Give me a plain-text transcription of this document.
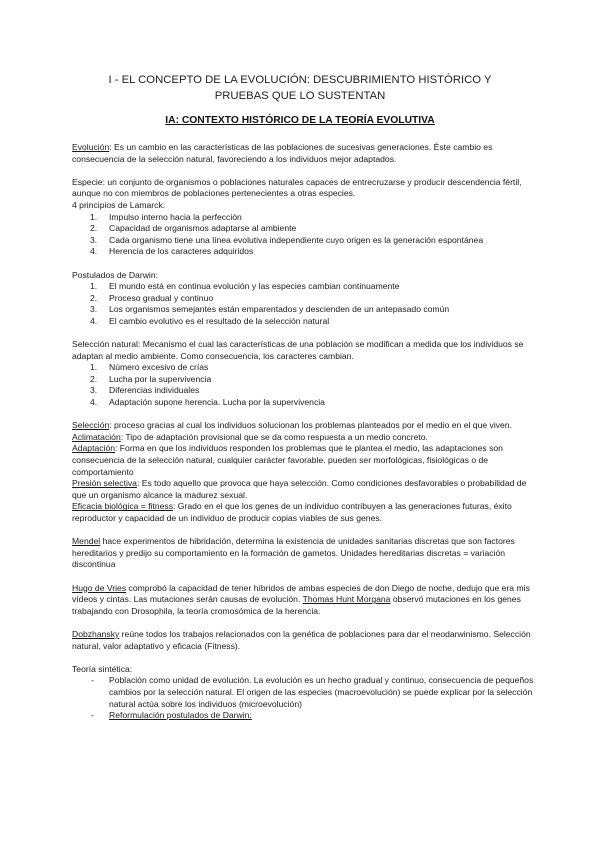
I - EL CONCEPTO DE LA EVOLUCIÓN: DESCUBRIMIENTO HISTÓRICO Y
PRUEBAS QUE LO SUSTENTAN
IA: CONTEXTO HISTÓRICO DE LA TEORÍA EVOLUTIVA

Evolución: Es un cambio en las características de las poblaciones de sucesivas generaciones. Éste cambio es consecuencia de la selección natural, favoreciendo a los individuos mejor adaptados.

Especie: un conjunto de organismos o poblaciones naturales capaces de entrecruzarse y producir descendencia fértil, aunque no con miembros de poblaciones pertenecientes a otras especies.

4 principios de Lamarck:

1. Impulso interno hacia la perfección
2. Capacidad de organismos adaptarse al ambiente
3. Cada organismo tiene una línea evolutiva independiente cuyo origen es la generación espontánea
4. Herencia de los caracteres adquiridos

Postulados de Darwin:

1. El mundo está en continua evolución y las especies cambian continuamente
2. Proceso gradual y continuo
3. Los organismos semejantes están emparentados y descienden de un antepasado común
4. El cambio evolutivo es el resultado de la selección natural

Selección natural: Mecanismo el cual las características de una población se modifican a medida que los individuos se adaptan al medio ambiente. Como consecuencia, los caracteres cambian.

1. Número excesivo de crías
2. Lucha por la supervivencia
3. Diferencias individuales
4. Adaptación supone herencia. Lucha por la supervivencia

Selección: proceso gracias al cual los individuos solucionan los problemas planteados por el medio en el que viven.

Aclimatación: Tipo de adaptación provisional que se da como respuesta a un medio concreto.

Adaptación: Forma en que los individuos responden los problemas que le plantea el medio, las adaptaciones son consecuencia de la selección natural, cualquier carácter favorable. pueden ser morfológicas, fisiológicas o de comportamiento

Presión selectiva: Es todo aquello que provoca que haya selección. Como condiciones desfavorables o probabilidad de que un organismo alcance la madurez sexual.

Eficacia biológica = fitness: Grado en el que los genes de un individuo contribuyen a las generaciones futuras, éxito reproductor y capacidad de un individuo de producir copias viables de sus genes.

Mendel hace experimentos de hibridación, determina la existencia de unidades sanitarias discretas que son factores hereditarios y predijo su comportamiento en la formación de gametos. Unidades hereditarias discretas = variación discontinua

Hugo de Vries comprobó la capacidad de tener híbridos de ambas especies de don Diego de noche, dedujo que era mis vídeos y cintas. Las mutaciones serán causas de evolución. Thomas Hunt Morgana observó mutaciones en los genes trabajando con Drosophila, la teoría cromosómica de la herencia.

Dobzhansky reúne todos los trabajos relacionados con la genética de poblaciones para dar el neodarwinismo. Selección natural, valor adaptativo y eficacia (Fitness).

Teoría sintética:

- Población como unidad de evolución. La evolución es un hecho gradual y continuo, consecuencia de pequeños cambios por la selección natural. El origen de las especies (macroevolución) se puede explicar por la selección natural actúa sobre los individuos (microevolución)
- Reformulación postulados de Darwin:
